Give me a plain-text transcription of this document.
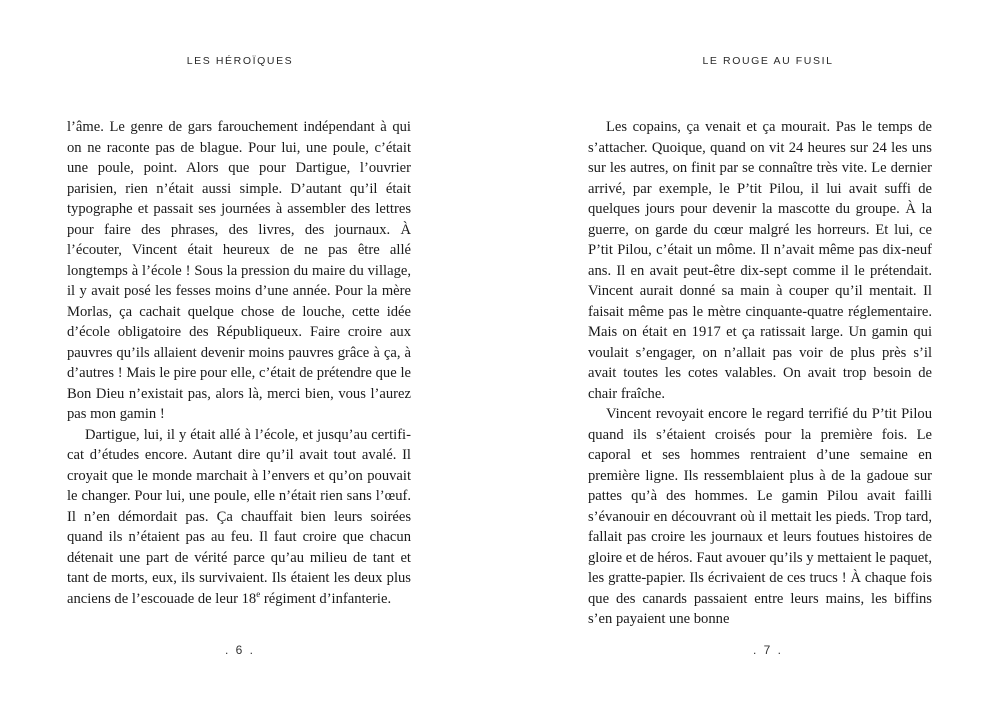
LES HÉROÏQUES

l’âme. Le genre de gars farouchement indépendant à qui on ne raconte pas de blague. Pour lui, une poule, c’était une poule, point. Alors que pour Dartigue, l’ouvrier parisien, rien n’était aussi simple. D’autant qu’il était typographe et passait ses journées à assembler des lettres pour faire des phrases, des livres, des journaux. À l’écouter, Vincent était heureux de ne pas être allé longtemps à l’école ! Sous la pression du maire du village, il y avait posé les fesses moins d’une année. Pour la mère Morlas, ça cachait quelque chose de louche, cette idée d’école obligatoire des Républiqueux. Faire croire aux pauvres qu’ils allaient devenir moins pauvres grâce à ça, à d’autres ! Mais le pire pour elle, c’était de prétendre que le Bon Dieu n’existait pas, alors là, merci bien, vous l’aurez pas mon gamin !

Dartigue, lui, il y était allé à l’école, et jusqu’au certificat d’études encore. Autant dire qu’il avait tout avalé. Il croyait que le monde marchait à l’envers et qu’on pouvait le changer. Pour lui, une poule, elle n’était rien sans l’œuf. Il n’en démordait pas. Ça chauffait bien leurs soirées quand ils n’étaient pas au feu. Il faut croire que chacun détenait une part de vérité parce qu’au milieu de tant et tant de morts, eux, ils survivaient. Ils étaient les deux plus anciens de l’escouade de leur 18e régiment d’infanterie.

. 6 .
LE ROUGE AU FUSIL

Les copains, ça venait et ça mourait. Pas le temps de s’attacher. Quoique, quand on vit 24 heures sur 24 les uns sur les autres, on finit par se connaître très vite. Le dernier arrivé, par exemple, le P’tit Pilou, il lui avait suffi de quelques jours pour devenir la mascotte du groupe. À la guerre, on garde du cœur malgré les horreurs. Et lui, ce P’tit Pilou, c’était un môme. Il n’avait même pas dix-neuf ans. Il en avait peut-être dix-sept comme il le prétendait. Vincent aurait donné sa main à couper qu’il mentait. Il faisait même pas le mètre cinquante-quatre réglementaire. Mais on était en 1917 et ça ratissait large. Un gamin qui voulait s’engager, on n’allait pas voir de plus près s’il avait toutes les cotes valables. On avait trop besoin de chair fraîche.

Vincent revoyait encore le regard terrifié du P’tit Pilou quand ils s’étaient croisés pour la première fois. Le caporal et ses hommes rentraient d’une semaine en première ligne. Ils ressemblaient plus à de la gadoue sur pattes qu’à des hommes. Le gamin Pilou avait failli s’évanouir en découvrant où il mettait les pieds. Trop tard, fallait pas croire les journaux et leurs foutues histoires de gloire et de héros. Faut avouer qu’ils y mettaient le paquet, les gratte-papier. Ils écrivaient de ces trucs ! À chaque fois que des canards passaient entre leurs mains, les biffins s’en payaient une bonne

. 7 .
